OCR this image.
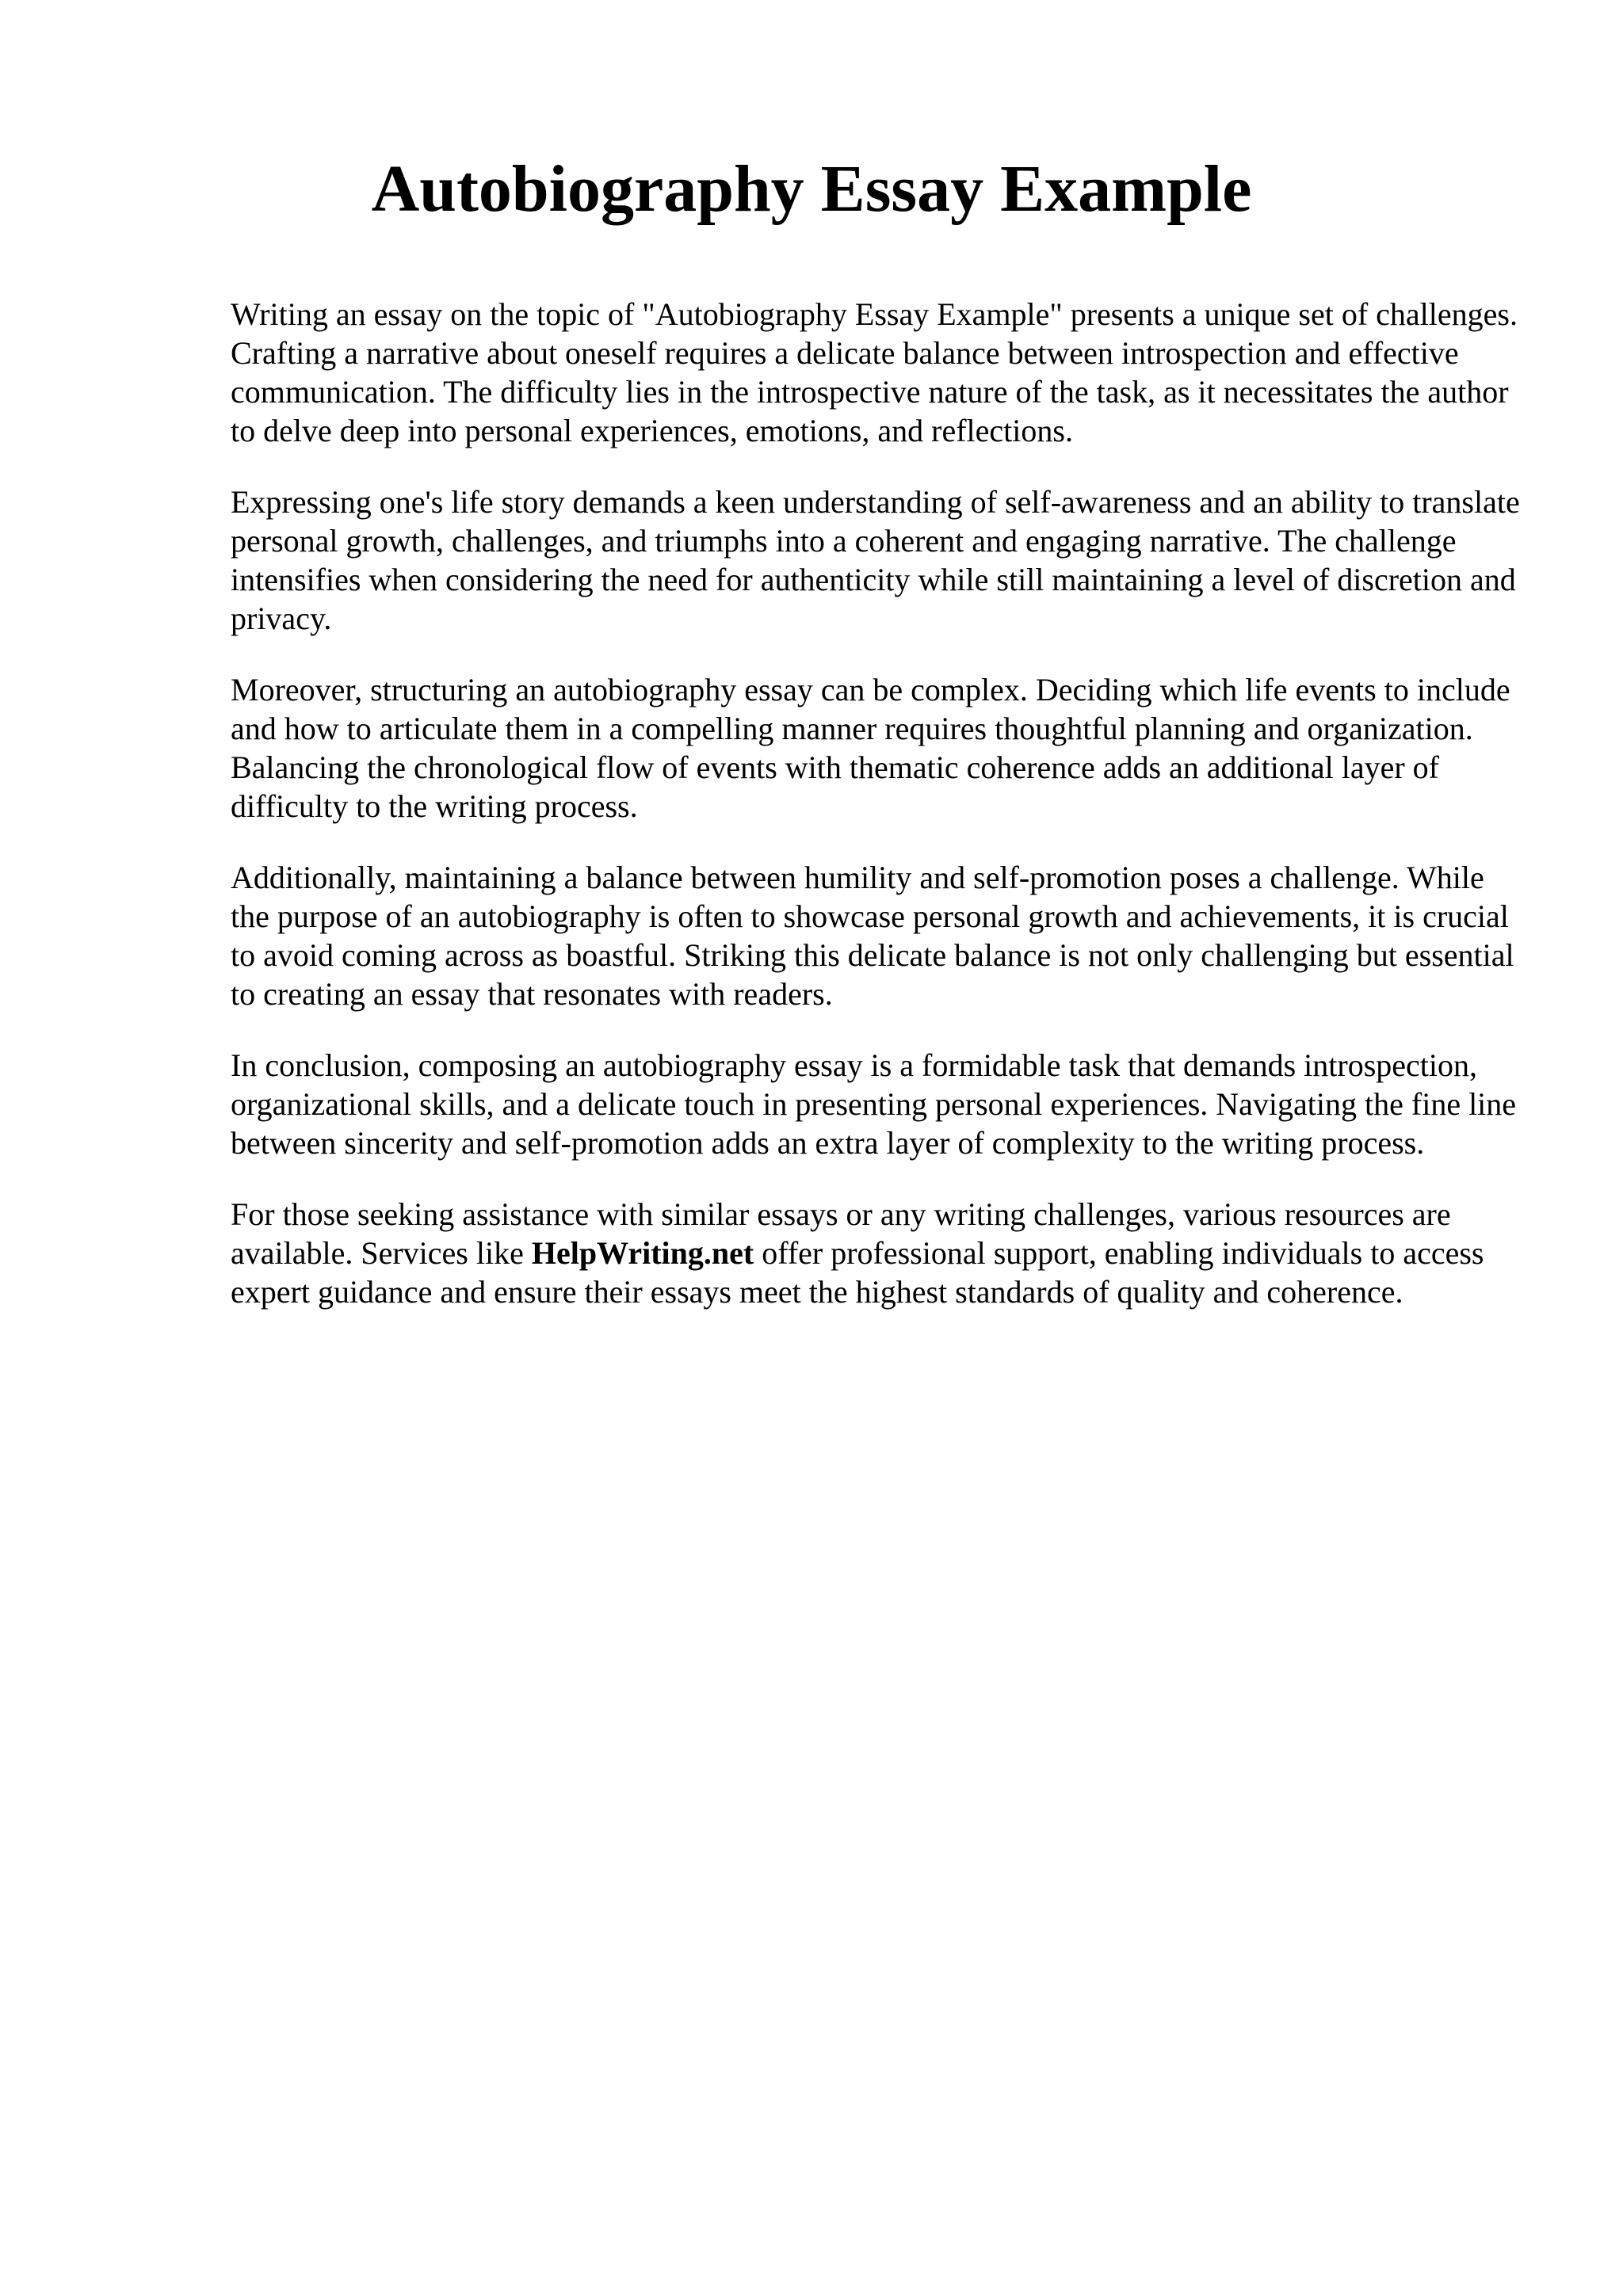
Autobiography Essay Example

Writing an essay on the topic of "Autobiography Essay Example" presents a unique set of challenges. Crafting a narrative about oneself requires a delicate balance between introspection and effective communication. The difficulty lies in the introspective nature of the task, as it necessitates the author to delve deep into personal experiences, emotions, and reflections.

Expressing one's life story demands a keen understanding of self-awareness and an ability to translate personal growth, challenges, and triumphs into a coherent and engaging narrative. The challenge intensifies when considering the need for authenticity while still maintaining a level of discretion and privacy.

Moreover, structuring an autobiography essay can be complex. Deciding which life events to include and how to articulate them in a compelling manner requires thoughtful planning and organization. Balancing the chronological flow of events with thematic coherence adds an additional layer of difficulty to the writing process.

Additionally, maintaining a balance between humility and self-promotion poses a challenge. While the purpose of an autobiography is often to showcase personal growth and achievements, it is crucial to avoid coming across as boastful. Striking this delicate balance is not only challenging but essential to creating an essay that resonates with readers.

In conclusion, composing an autobiography essay is a formidable task that demands introspection, organizational skills, and a delicate touch in presenting personal experiences. Navigating the fine line between sincerity and self-promotion adds an extra layer of complexity to the writing process.

For those seeking assistance with similar essays or any writing challenges, various resources are available. Services like HelpWriting.net offer professional support, enabling individuals to access expert guidance and ensure their essays meet the highest standards of quality and coherence.
